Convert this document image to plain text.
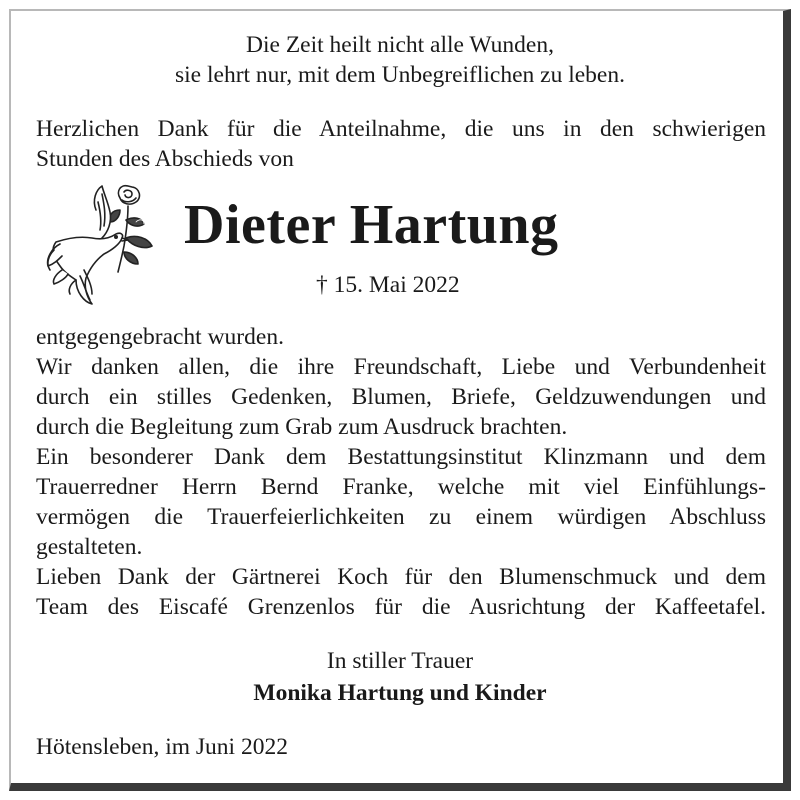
Die Zeit heilt nicht alle Wunden,
sie lehrt nur, mit dem Unbegreiflichen zu leben.
Herzlichen Dank für die Anteilnahme, die uns in den schwierigen
Stunden des Abschieds von
Dieter Hartung
† 15. Mai 2022
entgegengebracht wurden.
Wir danken allen, die ihre Freundschaft, Liebe und Verbundenheit
durch ein stilles Gedenken, Blumen, Briefe, Geldzuwendungen und
durch die Begleitung zum Grab zum Ausdruck brachten.
Ein besonderer Dank dem Bestattungsinstitut Klinzmann und dem
Trauerredner Herrn Bernd Franke, welche mit viel Einfühlungs-
vermögen die Trauerfeierlichkeiten zu einem würdigen Abschluss
gestalteten.
Lieben Dank der Gärtnerei Koch für den Blumenschmuck und dem
Team des Eiscafé Grenzenlos für die Ausrichtung der Kaffeetafel.
In stiller Trauer
Monika Hartung und Kinder
Hötensleben, im Juni 2022
